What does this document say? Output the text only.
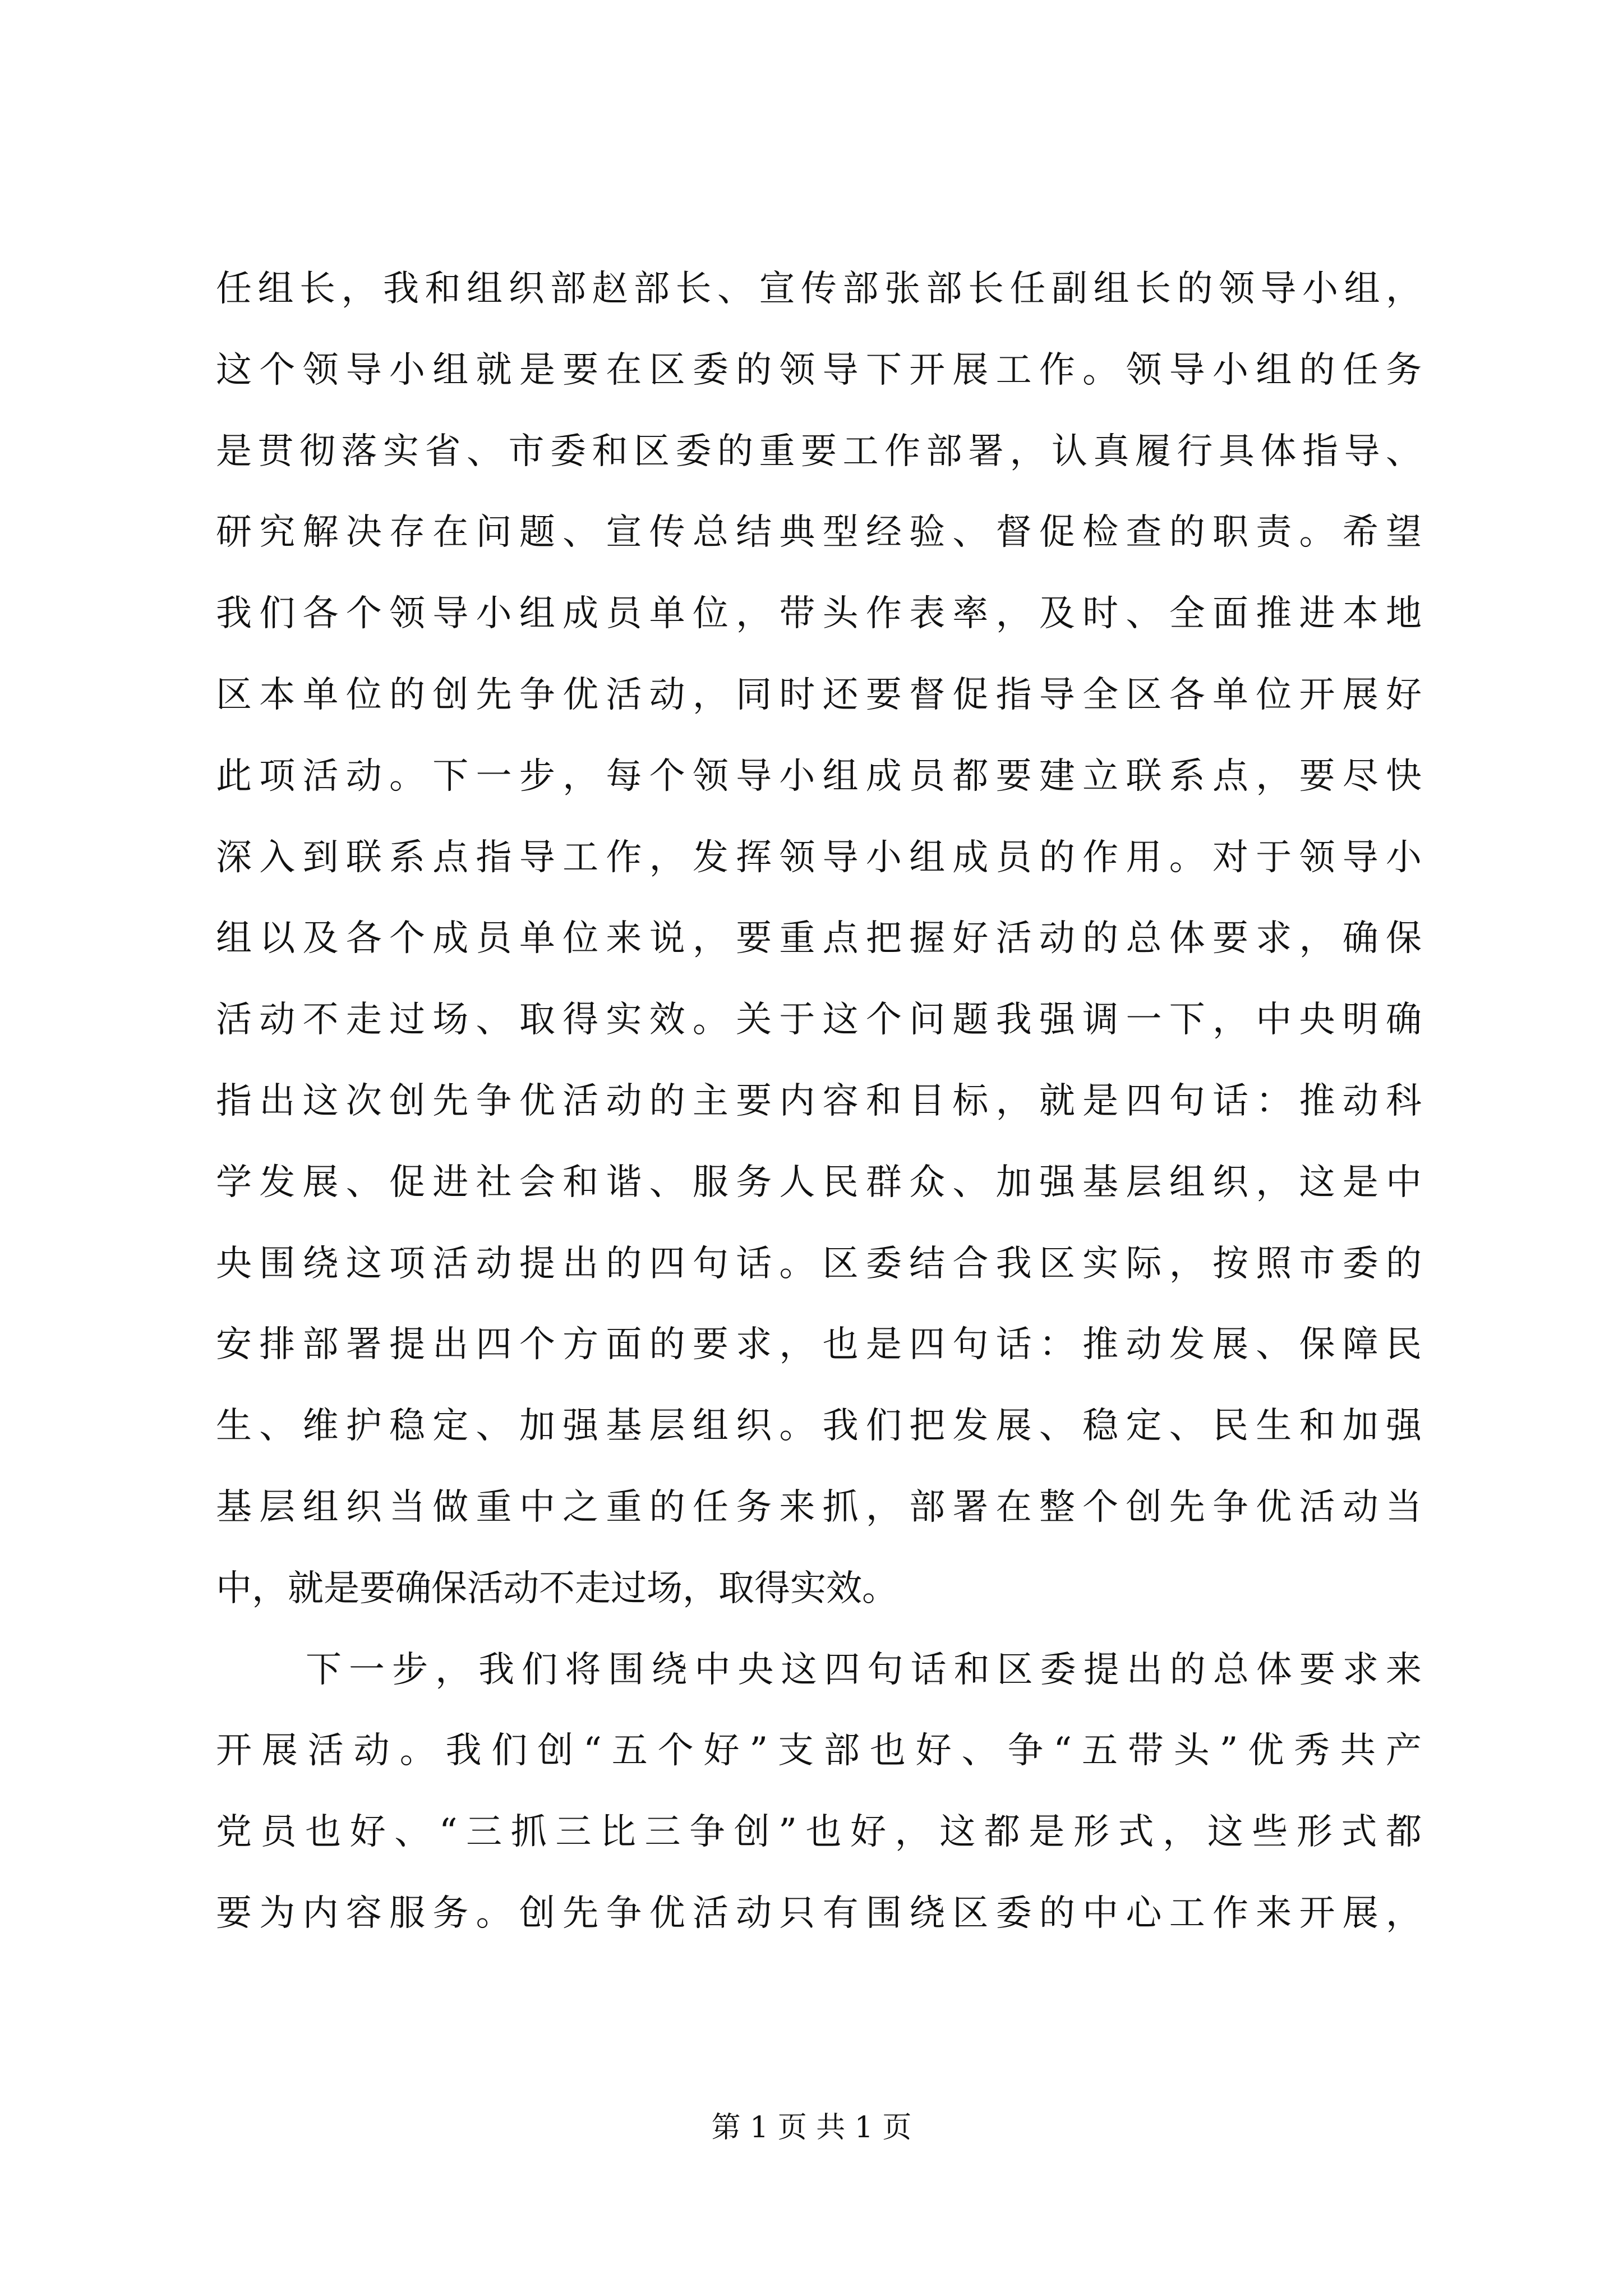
任组长，我和组织部赵部长、宣传部张部长任副组长的领导小组，
这个领导小组就是要在区委的领导下开展工作。领导小组的任务
是贯彻落实省、市委和区委的重要工作部署，认真履行具体指导、
研究解决存在问题、宣传总结典型经验、督促检查的职责。希望
我们各个领导小组成员单位，带头作表率，及时、全面推进本地
区本单位的创先争优活动，同时还要督促指导全区各单位开展好
此项活动。下一步，每个领导小组成员都要建立联系点，要尽快
深入到联系点指导工作，发挥领导小组成员的作用。对于领导小
组以及各个成员单位来说，要重点把握好活动的总体要求，确保
活动不走过场、取得实效。关于这个问题我强调一下，中央明确
指出这次创先争优活动的主要内容和目标，就是四句话：推动科
学发展、促进社会和谐、服务人民群众、加强基层组织，这是中
央围绕这项活动提出的四句话。区委结合我区实际，按照市委的
安排部署提出四个方面的要求，也是四句话：推动发展、保障民
生、维护稳定、加强基层组织。我们把发展、稳定、民生和加强
基层组织当做重中之重的任务来抓，部署在整个创先争优活动当
中，就是要确保活动不走过场，取得实效。
下一步，我们将围绕中央这四句话和区委提出的总体要求来
开展活动。我们创“五个好”支部也好、争“五带头”优秀共产
党员也好、“三抓三比三争创”也好，这都是形式，这些形式都
要为内容服务。创先争优活动只有围绕区委的中心工作来开展，
第 1 页 共 1 页
